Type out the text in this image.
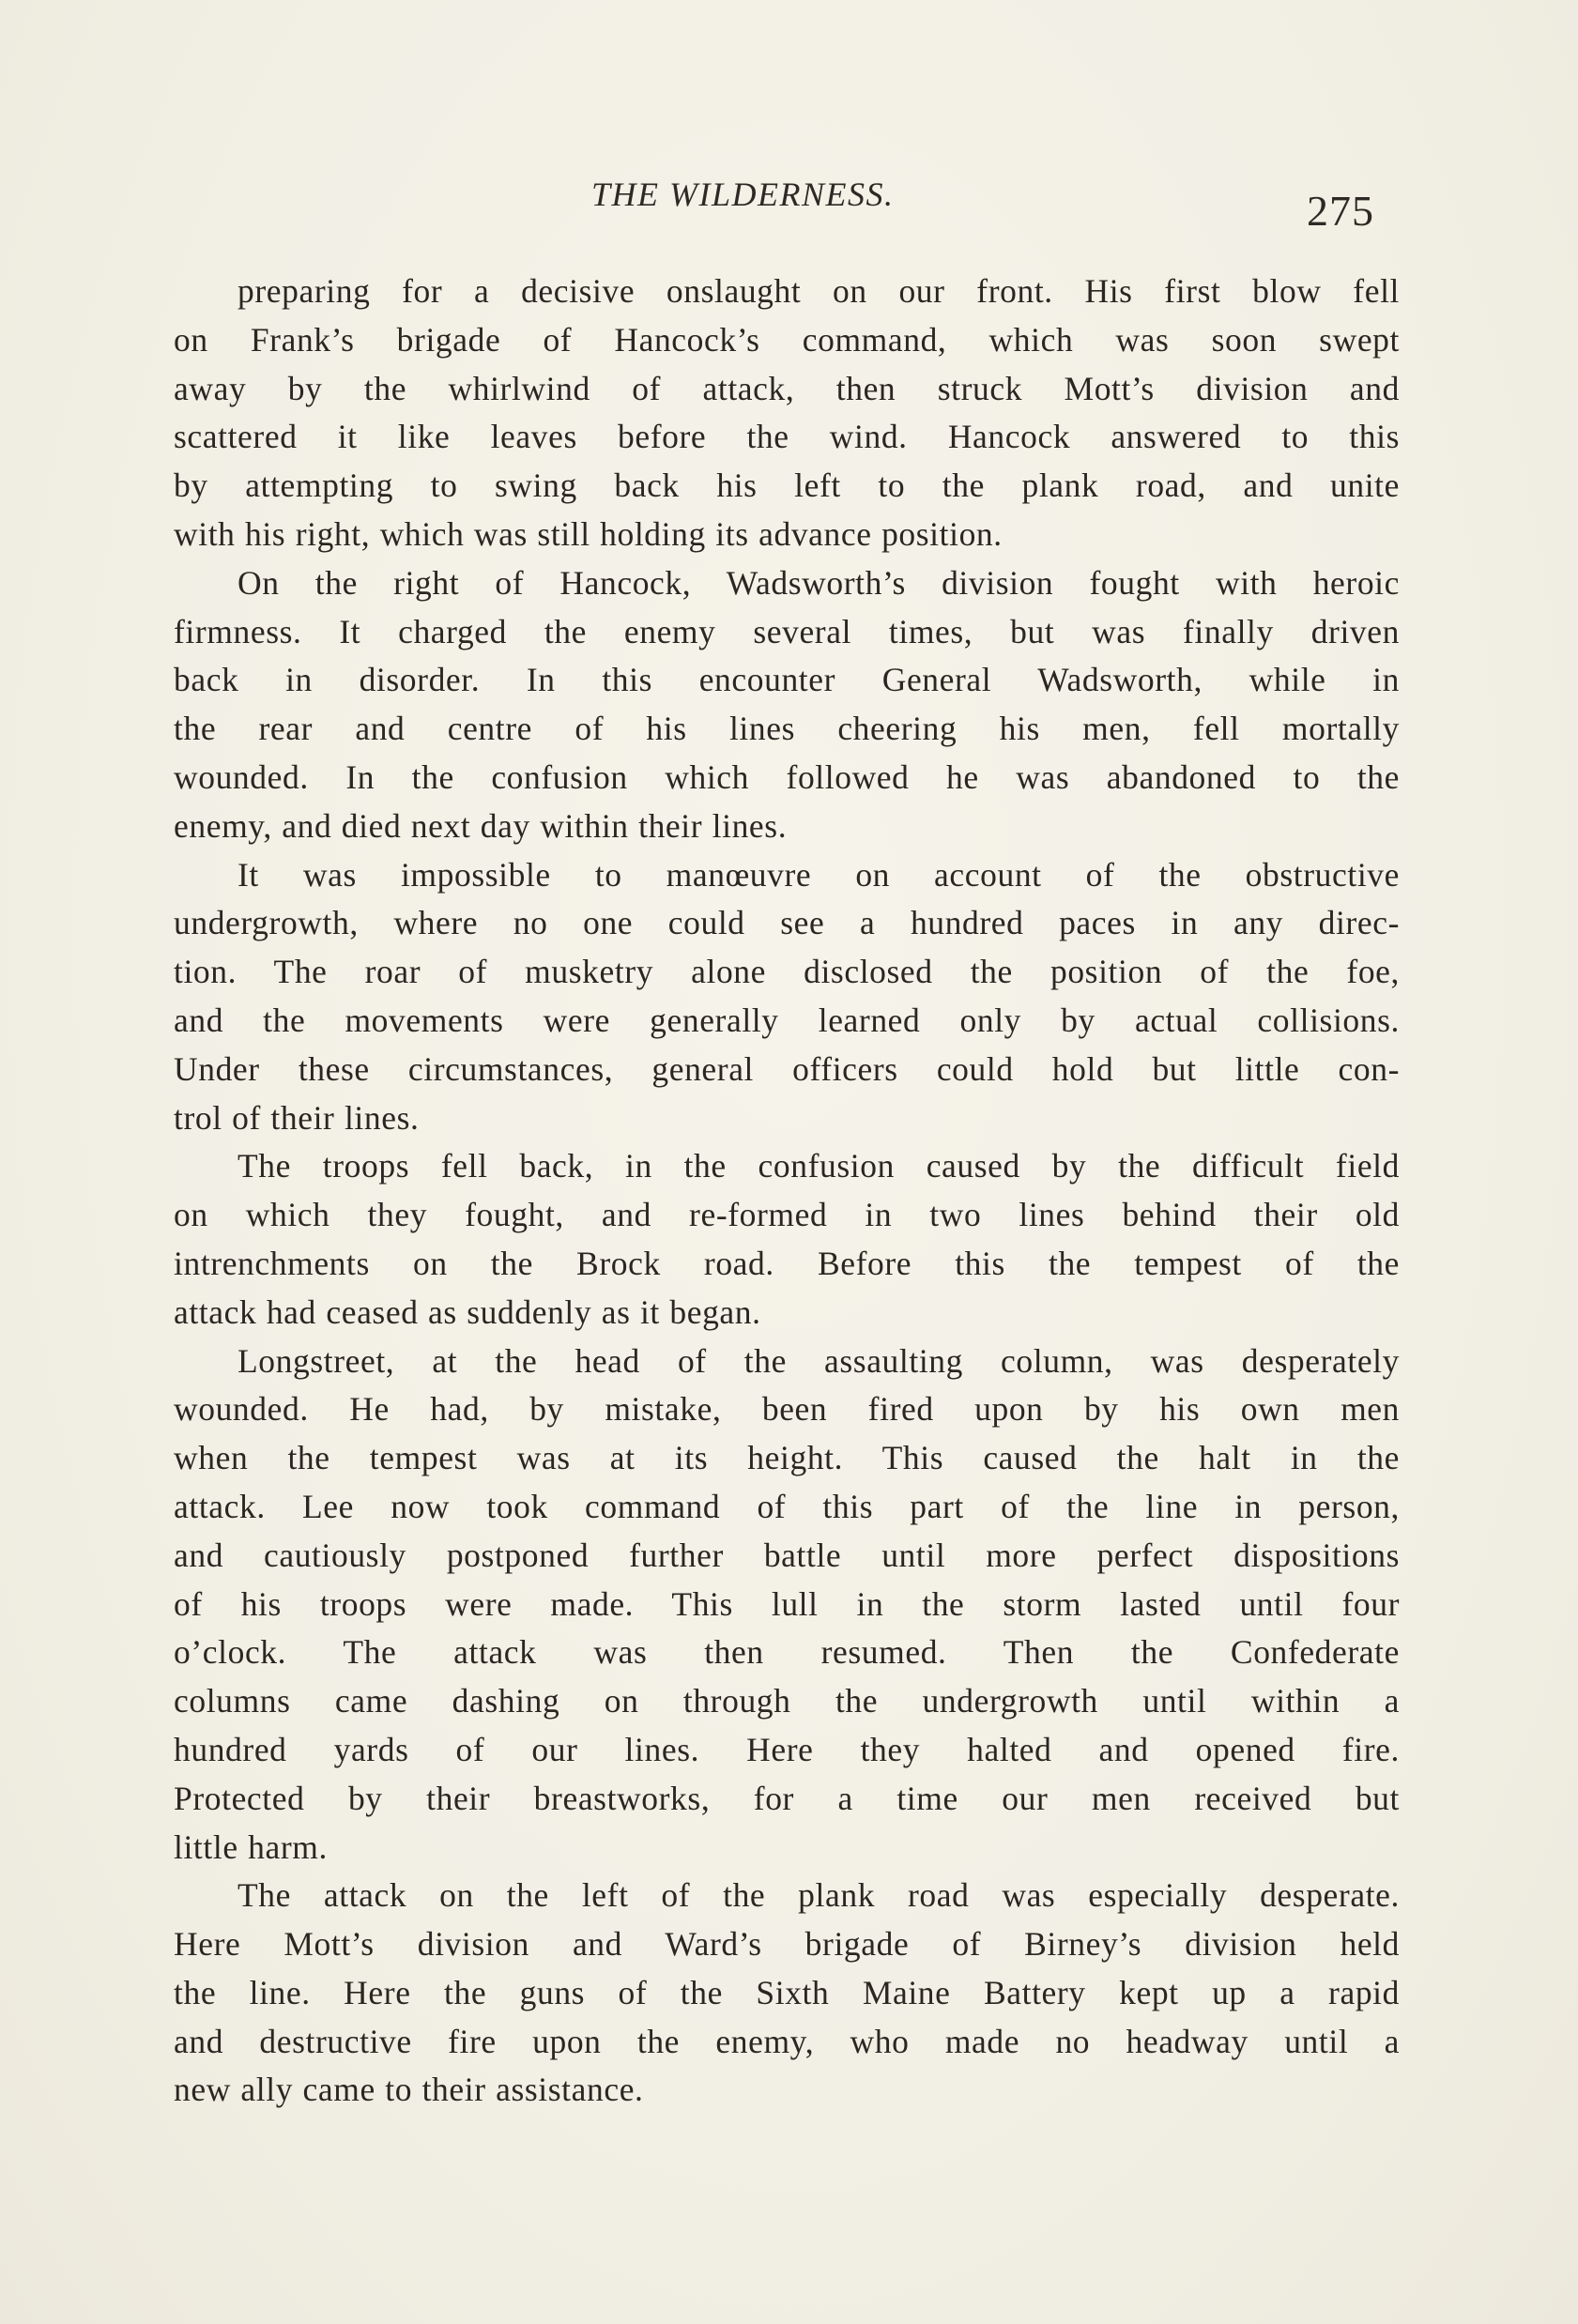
THE WILDERNESS.	275

preparing for a decisive onslaught on our front. His first blow fell
on Frank’s brigade of Hancock’s command, which was soon swept
away by the whirlwind of attack, then struck Mott’s division and
scattered it like leaves before the wind. Hancock answered to this
by attempting to swing back his left to the plank road, and unite
with his right, which was still holding its advance position.

On the right of Hancock, Wadsworth’s division fought with heroic
firmness. It charged the enemy several times, but was finally driven
back in disorder. In this encounter General Wadsworth, while in
the rear and centre of his lines cheering his men, fell mortally
wounded. In the confusion which followed he was abandoned to the
enemy, and died next day within their lines.

It was impossible to manœuvre on account of the obstructive
undergrowth, where no one could see a hundred paces in any direc-
tion. The roar of musketry alone disclosed the position of the foe,
and the movements were generally learned only by actual collisions.
Under these circumstances, general officers could hold but little con-
trol of their lines.

The troops fell back, in the confusion caused by the difficult field
on which they fought, and re-formed in two lines behind their old
intrenchments on the Brock road. Before this the tempest of the
attack had ceased as suddenly as it began.

Longstreet, at the head of the assaulting column, was desperately
wounded. He had, by mistake, been fired upon by his own men
when the tempest was at its height. This caused the halt in the
attack. Lee now took command of this part of the line in person,
and cautiously postponed further battle until more perfect dispositions
of his troops were made. This lull in the storm lasted until four
o’clock. The attack was then resumed. Then the Confederate
columns came dashing on through the undergrowth until within a
hundred yards of our lines. Here they halted and opened fire.
Protected by their breastworks, for a time our men received but
little harm.

The attack on the left of the plank road was especially desperate.
Here Mott’s division and Ward’s brigade of Birney’s division held
the line. Here the guns of the Sixth Maine Battery kept up a rapid
and destructive fire upon the enemy, who made no headway until a
new ally came to their assistance.
